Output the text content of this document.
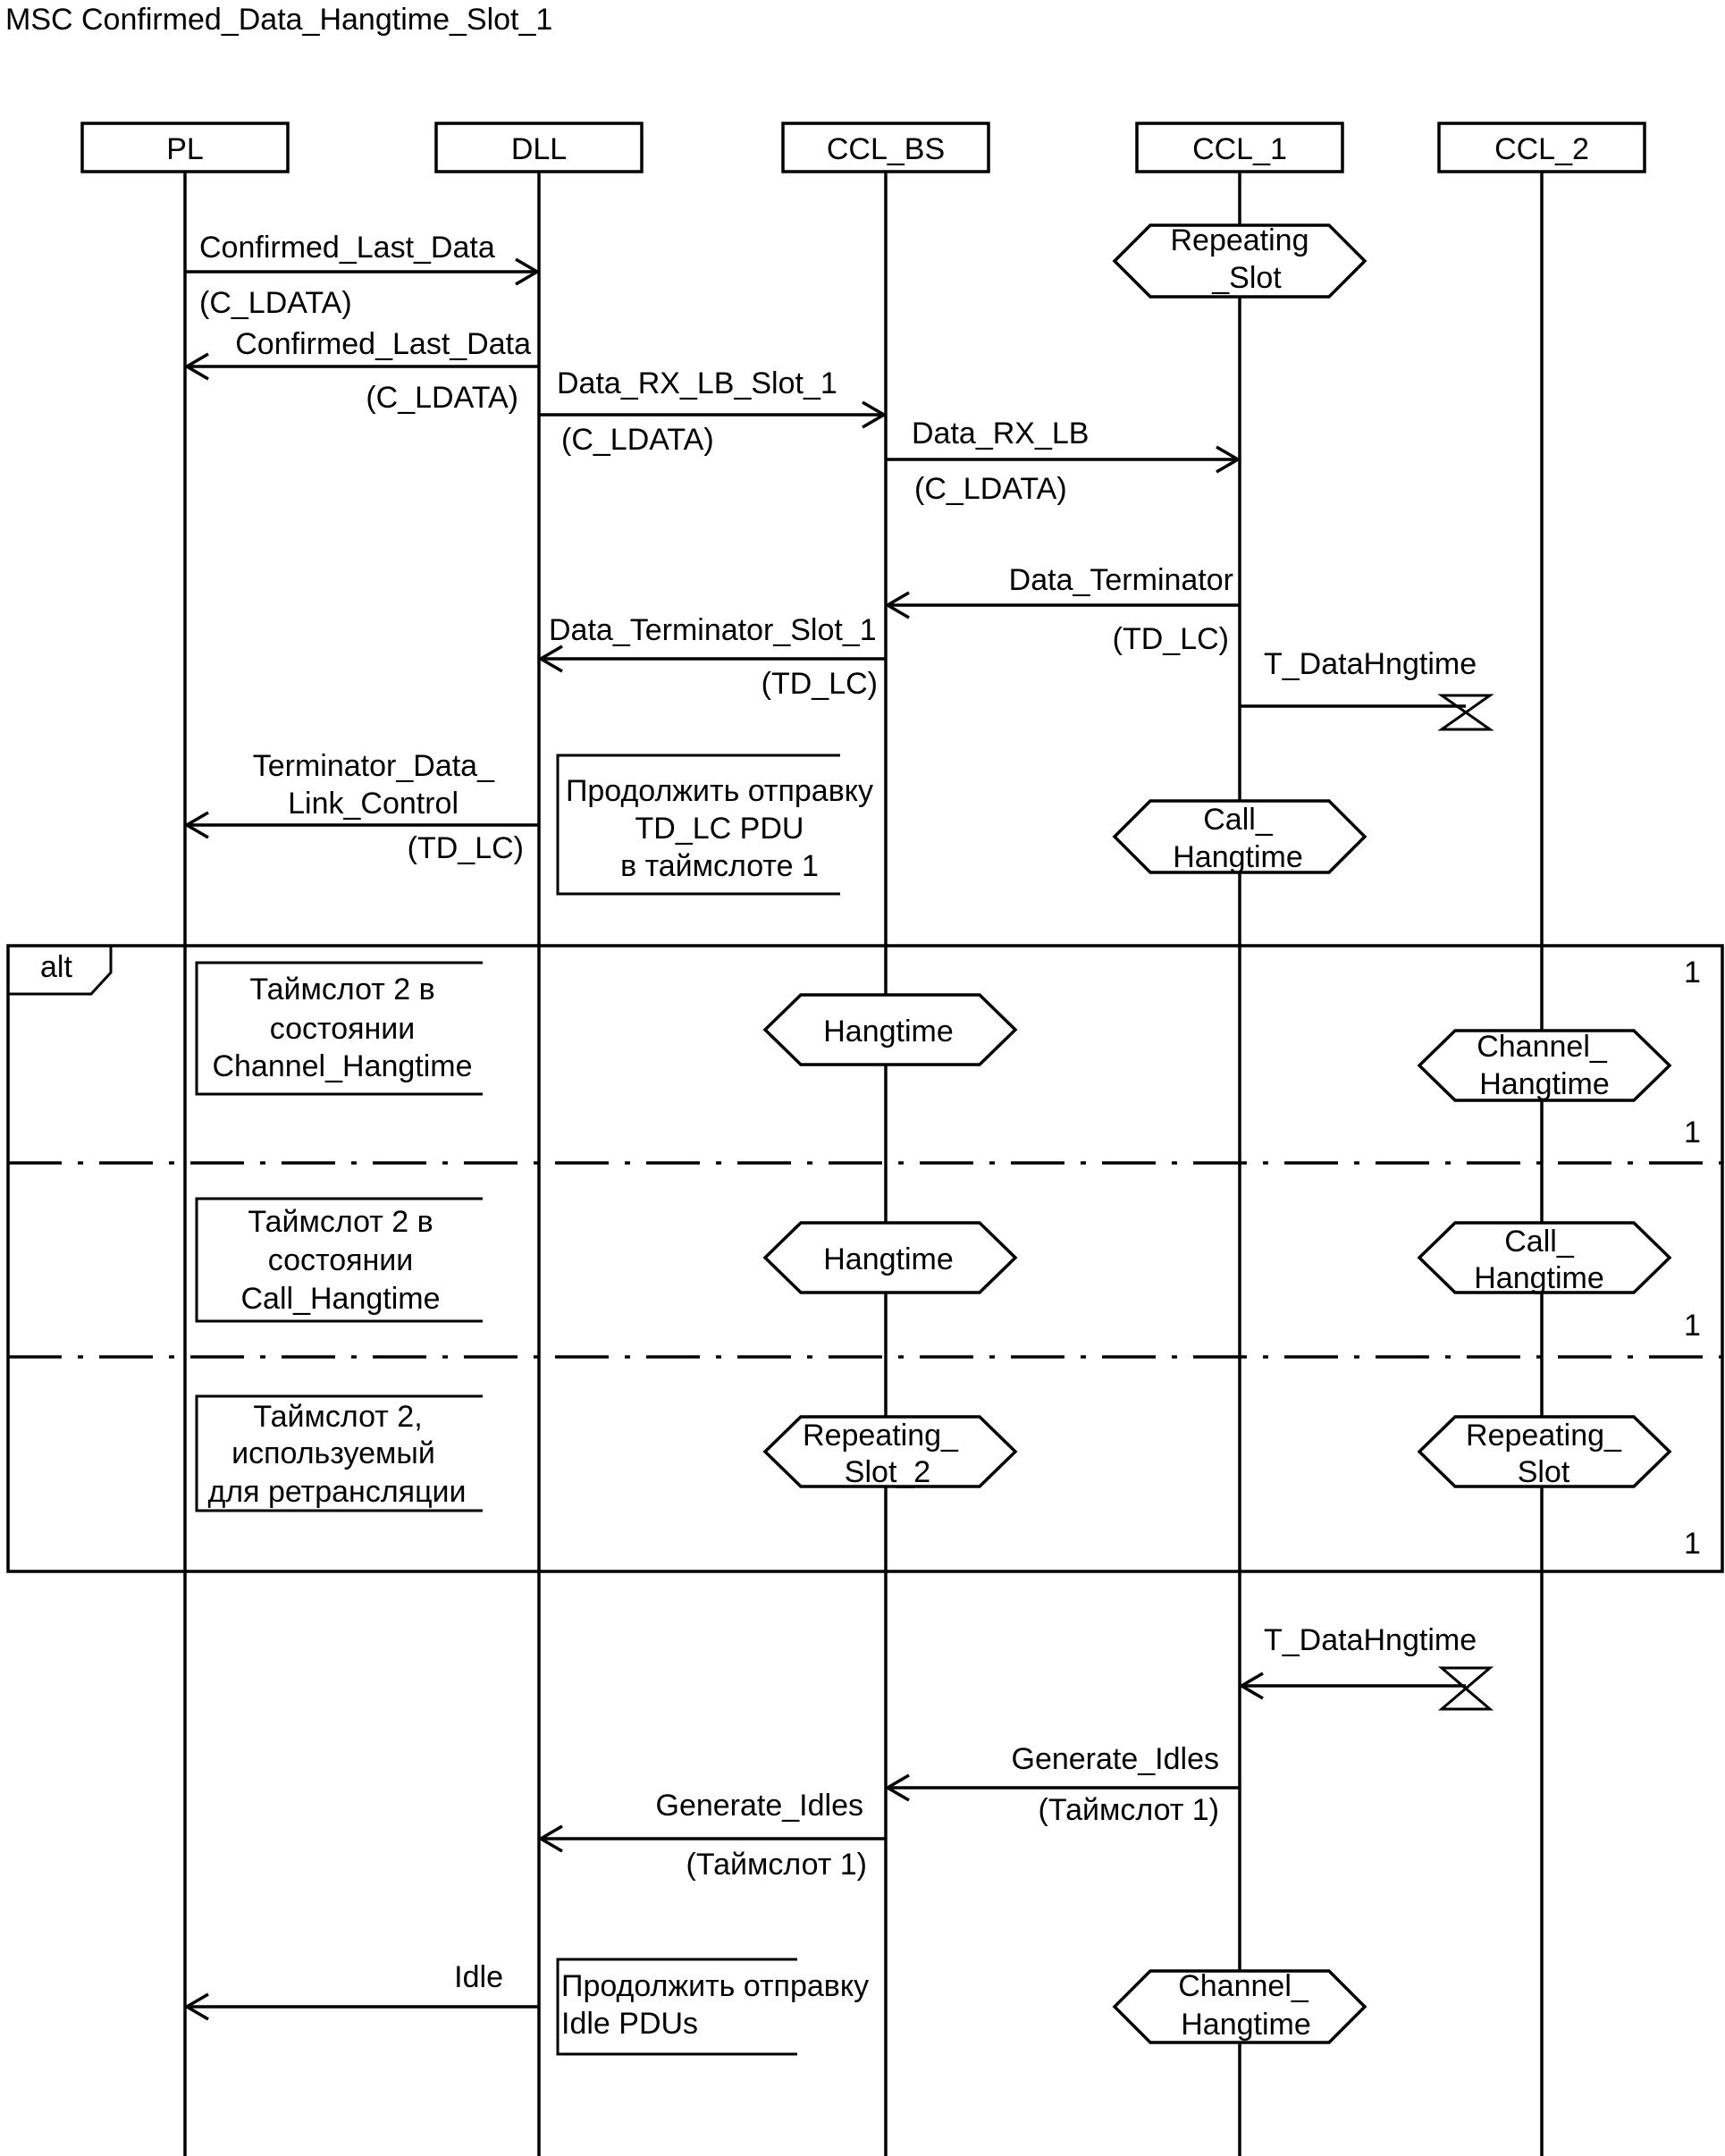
MSC Confirmed_Data_Hangtime_Slot_1
PL	DLL	CCL_BS	CCL_1	CCL_2
Repeating
_Slot
Confirmed_Last_Data
(C_LDATA)
Confirmed_Last_Data
(C_LDATA) Data_RX_LB_Slot_1
(C_LDATA)	Data_RX_LB
(C_LDATA)
Data_Terminator
(TD_LC)
Data_Terminator_Slot_1
(TD_LC)
T_DataHngtime
Terminator_Data_
Link_Control
(TD_LC)
Продолжить отправку
TD_LC PDU
в таймслоте 1
Call_
Hangtime
alt	1
1
1
1
Таймслот 2 в
состоянии
Channel_Hangtime
Hangtime	Channel_
Hangtime
Таймслот 2 в
состоянии
Call_Hangtime
Hangtime
Call_
Hangtime
Таймслот 2,
используемый
для ретрансляции
Repeating_
Slot_2
Repeating_
Slot
T_DataHngtime
Generate_Idles
(Таймслот 1)
Generate_Idles
(Таймслот 1)
Idle Продолжить отправку
Idle PDUs
Channel_
Hangtime
